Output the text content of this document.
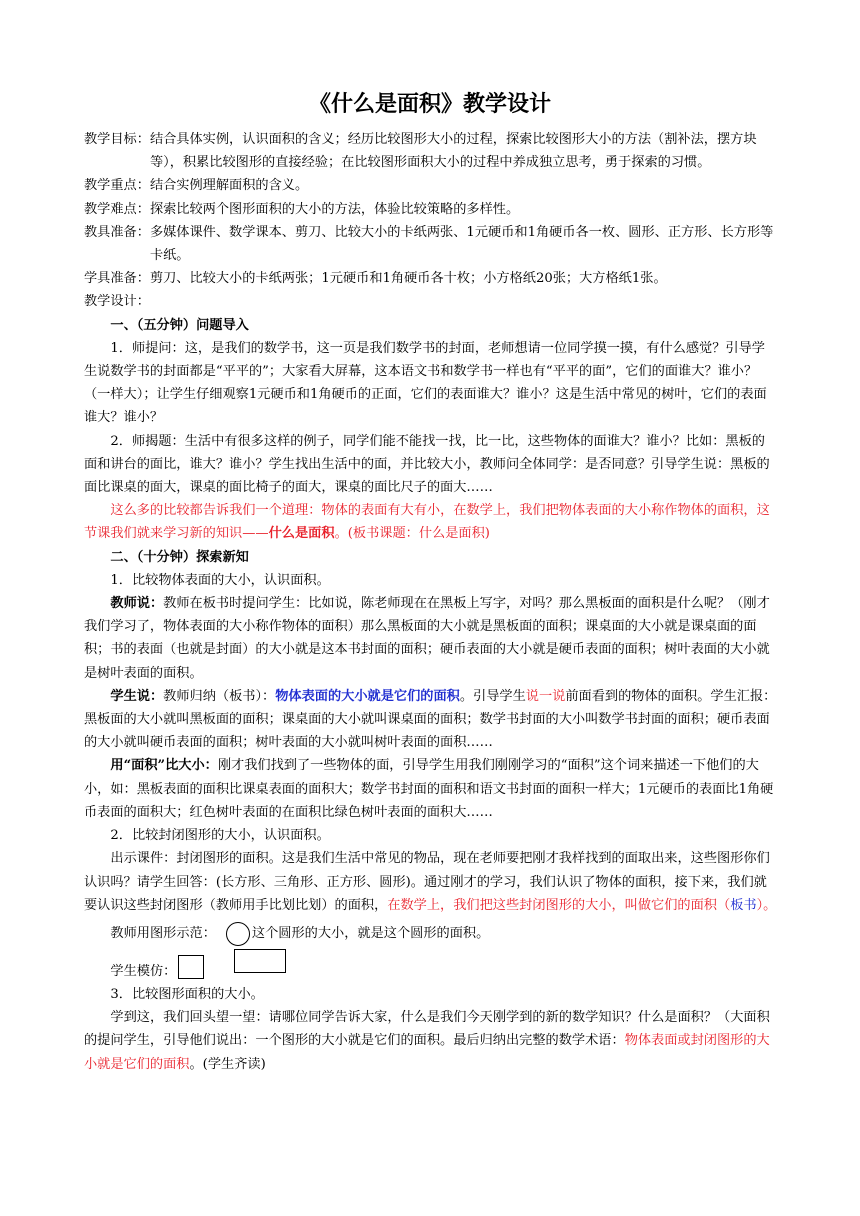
《什么是面积》教学设计
教学目标： 结合具体实例，认识面积的含义；经历比较图形大小的过程，探索比较图形大小的方法（割补法，摆方块等），积累比较图形的直接经验；在比较图形面积大小的过程中养成独立思考，勇于探索的习惯。
教学重点： 结合实例理解面积的含义。
教学难点： 探索比较两个图形面积的大小的方法，体验比较策略的多样性。
教具准备： 多媒体课件、数学课本、剪刀、比较大小的卡纸两张、1元硬币和1角硬币各一枚、圆形、正方形、长方形等卡纸。
学具准备： 剪刀、比较大小的卡纸两张；1元硬币和1角硬币各十枚；小方格纸20张；大方格纸1张。

教学设计：

一、（五分钟）问题导入

1．师提问：这，是我们的数学书，这一页是我们数学书的封面，老师想请一位同学摸一摸，有什么感觉？引导学生说数学书的封面都是“平平的”；大家看大屏幕，这本语文书和数学书一样也有“平平的面”，它们的面谁大？谁小？（一样大）；让学生仔细观察1元硬币和1角硬币的正面，它们的表面谁大？谁小？这是生活中常见的树叶，它们的表面谁大？谁小？

2．师揭题：生活中有很多这样的例子，同学们能不能找一找，比一比，这些物体的面谁大？谁小？比如：黑板的面和讲台的面比，谁大？谁小？学生找出生活中的面，并比较大小，教师问全体同学：是否同意？引导学生说：黑板的面比课桌的面大，课桌的面比椅子的面大，课桌的面比尺子的面大……

这么多的比较都告诉我们一个道理：物体的表面有大有小，在数学上，我们把物体表面的大小称作物体的面积，这节课我们就来学习新的知识——什么是面积。(板书课题：什么是面积)

二、（十分钟）探索新知

1．比较物体表面的大小，认识面积。

教师说：教师在板书时提问学生：比如说，陈老师现在在黑板上写字，对吗？那么黑板面的面积是什么呢？（刚才我们学习了，物体表面的大小称作物体的面积）那么黑板面的大小就是黑板面的面积；课桌面的大小就是课桌面的面积；书的表面（也就是封面）的大小就是这本书封面的面积；硬币表面的大小就是硬币表面的面积；树叶表面的大小就是树叶表面的面积。

学生说：教师归纳（板书）：物体表面的大小就是它们的面积。引导学生说一说前面看到的物体的面积。学生汇报：黑板面的大小就叫黑板面的面积；课桌面的大小就叫课桌面的面积；数学书封面的大小叫数学书封面的面积；硬币表面的大小就叫硬币表面的面积；树叶表面的大小就叫树叶表面的面积……

用“面积”比大小：刚才我们找到了一些物体的面，引导学生用我们刚刚学习的“面积”这个词来描述一下他们的大小，如：黑板表面的面积比课桌表面的面积大；数学书封面的面积和语文书封面的面积一样大；1元硬币的表面比1角硬币表面的面积大；红色树叶表面的在面积比绿色树叶表面的面积大……

2．比较封闭图形的大小，认识面积。

出示课件：封闭图形的面积。这是我们生活中常见的物品，现在老师要把刚才我样找到的面取出来，这些图形你们认识吗？请学生回答：(长方形、三角形、正方形、圆形)。通过刚才的学习，我们认识了物体的面积，接下来，我们就要认识这些封闭图形（教师用手比划比划）的面积，在数学上，我们把这些封闭图形的大小，叫做它们的面积（板书）。

教师用图形示范：	这个圆形的大小，就是这个圆形的面积。
学生模仿：

3．比较图形面积的大小。

学到这，我们回头望一望：请哪位同学告诉大家，什么是我们今天刚学到的新的数学知识？什么是面积？（大面积的提问学生，引导他们说出：一个图形的大小就是它们的面积。最后归纳出完整的数学术语：物体表面或封闭图形的大小就是它们的面积。(学生齐读)
